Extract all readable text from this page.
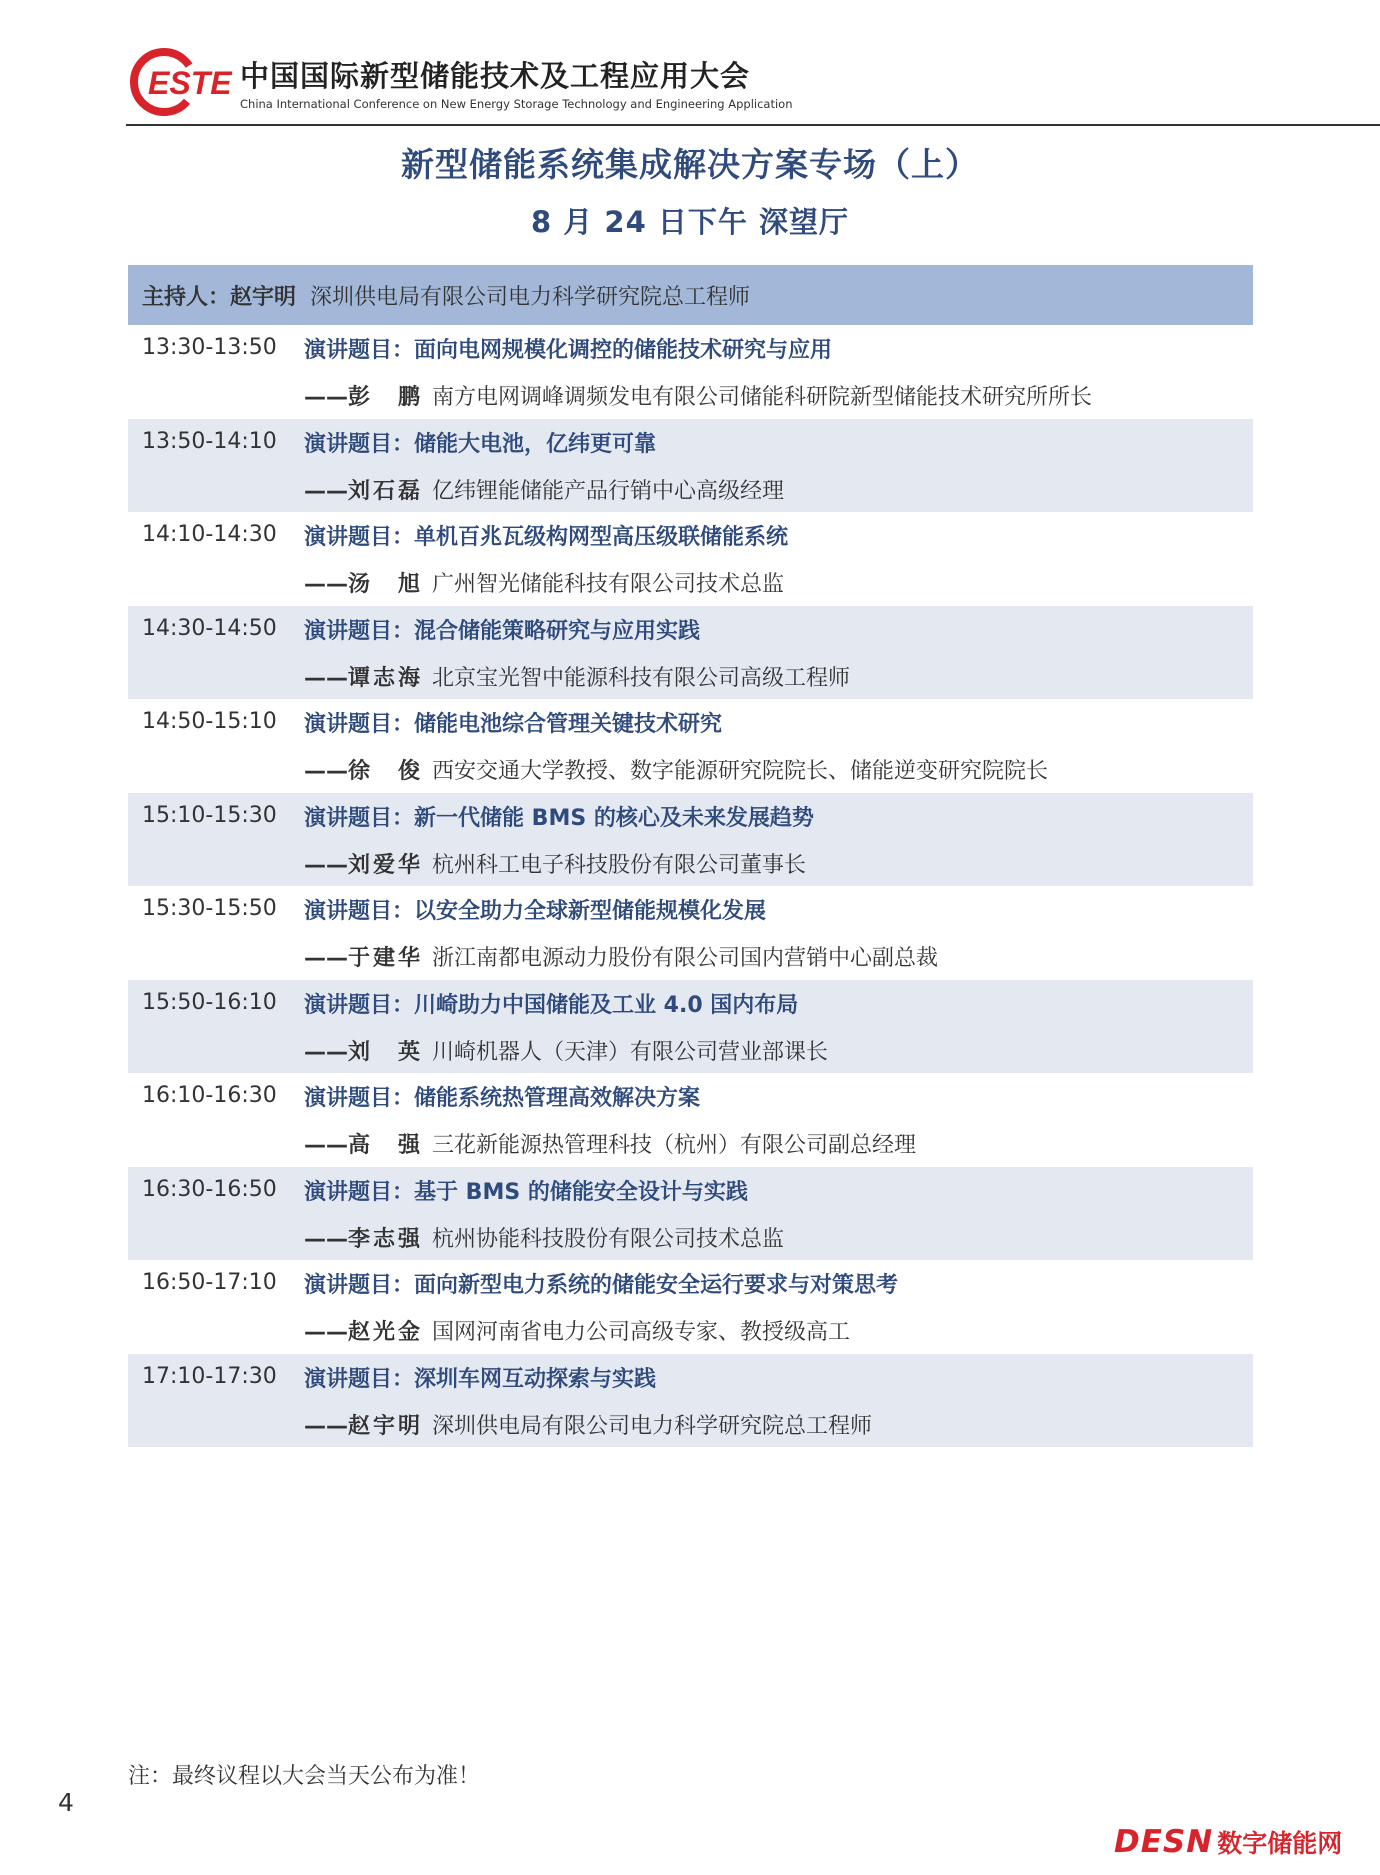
ESTE 中国国际新型储能技术及工程应用大会
China International Conference on New Energy Storage Technology and Engineering Application
新型储能系统集成解决方案专场（上）
8 月 24 日下午 深望厅
主持人： 赵宇明 深圳供电局有限公司电力科学研究院总工程师
13:30-13:50 演讲题目：面向电网规模化调控的储能技术研究与应用
——彭鹏 南方电网调峰调频发电有限公司储能科研院新型储能技术研究所所长
13:50-14:10 演讲题目：储能大电池，亿纬更可靠
——刘石磊 亿纬锂能储能产品行销中心高级经理
14:10-14:30 演讲题目：单机百兆瓦级构网型高压级联储能系统
——汤旭 广州智光储能科技有限公司技术总监
14:30-14:50 演讲题目：混合储能策略研究与应用实践
——谭志海 北京宝光智中能源科技有限公司高级工程师
14:50-15:10 演讲题目：储能电池综合管理关键技术研究
——徐俊 西安交通大学教授、数字能源研究院院长、储能逆变研究院院长
15:10-15:30 演讲题目：新一代储能 BMS 的核心及未来发展趋势
——刘爱华 杭州科工电子科技股份有限公司董事长
15:30-15:50 演讲题目：以安全助力全球新型储能规模化发展
——于建华 浙江南都电源动力股份有限公司国内营销中心副总裁
15:50-16:10 演讲题目：川崎助力中国储能及工业 4.0 国内布局
——刘英 川崎机器人（天津）有限公司营业部课长
16:10-16:30 演讲题目：储能系统热管理高效解决方案
——高强 三花新能源热管理科技（杭州）有限公司副总经理
16:30-16:50 演讲题目：基于 BMS 的储能安全设计与实践
——李志强 杭州协能科技股份有限公司技术总监
16:50-17:10 演讲题目：面向新型电力系统的储能安全运行要求与对策思考
——赵光金 国网河南省电力公司高级专家、教授级高工
17:10-17:30 演讲题目：深圳车网互动探索与实践
——赵宇明 深圳供电局有限公司电力科学研究院总工程师
注：最终议程以大会当天公布为准！
4
DESN 数字储能网
